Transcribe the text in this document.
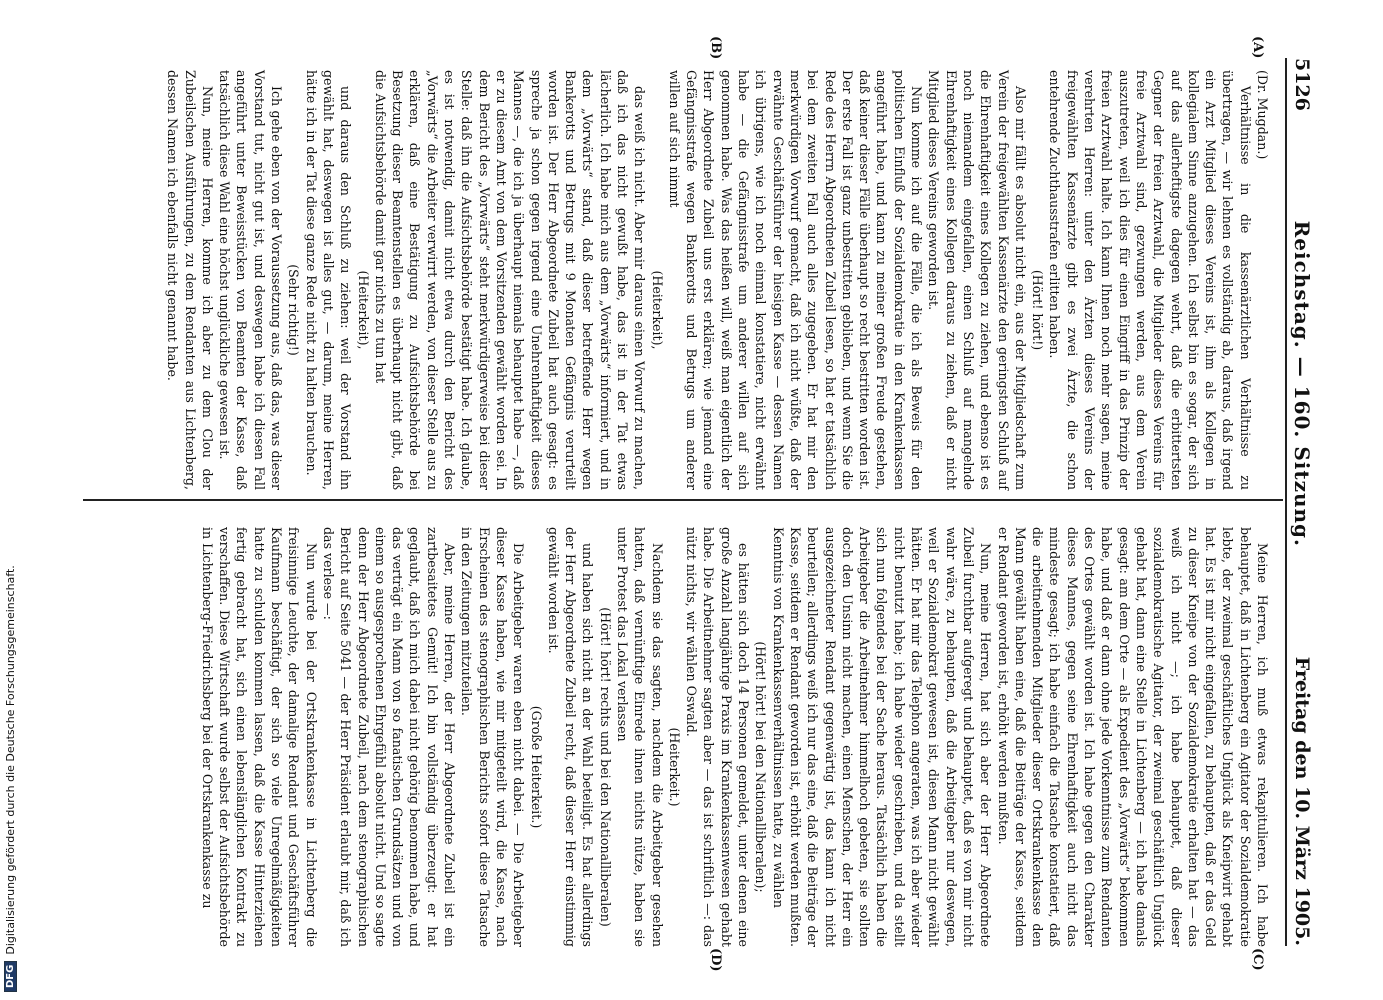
5126
Reichstag. — 160. Sitzung.
Freitag den 10. März 1905.
(A)
(B)
(C)
(D)

(Dr. Mugdan.)

Verhältnisse in die kassenärztlichen Verhältnisse zu übertragen, — wir lehnen es vollständig ab, daraus, daß irgend ein Arzt Mitglied dieses Vereins ist, ihm als Kollegen in kollegialem Sinne anzugehen. Ich selbst bin es sogar, der sich auf das allerheftigste dagegen wehrt, daß die erbittertsten Gegner der freien Arztwahl, die Mitglieder dieses Vereins für freie Arztwahl sind, gezwungen werden, aus dem Verein auszutreten, weil ich dies für einen Eingriff in das Prinzip der freien Arztwahl halte. Ich kann Ihnen noch mehr sagen, meine verehrten Herren: unter den Ärzten dieses Vereins der freigewählten Kassenärzte gibt es zwei Ärzte, die schon entehrende Zuchthausstrafen erlitten haben.

(Hört! hört!)

Also mir fällt es absolut nicht ein, aus der Mitgliedschaft zum Verein der freigewählten Kassenärzte den geringsten Schluß auf die Ehrenhaftigkeit eines Kollegen zu ziehen, und ebenso ist es noch niemandem eingefallen, einen Schluß auf mangelnde Ehrenhaftigkeit eines Kollegen daraus zu ziehen, daß er nicht Mitglied dieses Vereins geworden ist.

Nun komme ich auf die Fälle, die ich als Beweis für den politischen Einfluß der Sozialdemokratie in den Krankenkassen angeführt habe, und kann zu meiner großen Freude gestehen, daß keiner dieser Fälle überhaupt so recht bestritten worden ist. Der erste Fall ist ganz unbestritten geblieben, und wenn Sie die Rede des Herrn Abgeordneten Zubeil lesen, so hat er tatsächlich bei dem zweiten Fall auch alles zugegeben. Er hat mir den merkwürdigen Vorwurf gemacht, daß ich nicht wüßte, daß der erwähnte Geschäftsführer der hiesigen Kasse — dessen Namen ich übrigens, wie ich noch einmal konstatiere, nicht erwähnt habe — die Gefängnisstrafe um anderer willen auf sich genommen habe. Was das heißen will, weiß man eigentlich der Herr Abgeordnete Zubeil uns erst erklären; wie jemand eine Gefängnisstrafe wegen Bankerotts und Betrugs um anderer willen auf sich nimmt

(Heiterkeit),

das weiß ich nicht. Aber mir daraus einen Vorwurf zu machen, daß ich das nicht gewußt habe, das ist in der Tat etwas lächerlich. Ich habe mich aus dem „Vorwärts“ informiert, und in dem „Vorwärts“ stand, daß dieser betreffende Herr wegen Bankerotts und Betrugs mit 9 Monaten Gefängnis verurteilt worden ist. Der Herr Abgeordnete Zubeil hat auch gesagt: es spreche ja schon gegen irgend eine Unehrenhaftigkeit dieses Mannes —, die ich ja überhaupt niemals behauptet habe —, daß er zu diesem Amt von dem Vorsitzenden gewählt worden sei. In dem Bericht des „Vorwärts“ steht merkwürdigerweise bei dieser Stelle: daß ihn die Aufsichtsbehörde bestätigt habe. Ich glaube, es ist notwendig, damit nicht etwa durch den Bericht des „Vorwärts“ die Arbeiter verwirrt werden, von dieser Stelle aus zu erklären, daß eine Bestätigung zu Aufsichtsbehörde bei Besetzung dieser Beamtenstellen es überhaupt nicht gibt, daß die Aufsichtsbehörde damit gar nichts zu tun hat

(Heiterkeit),

und daraus den Schluß zu ziehen: weil der Vorstand ihn gewählt hat, deswegen ist alles gut, — darum, meine Herren, hätte ich in der Tat diese ganze Rede nicht zu halten brauchen.

(Sehr richtig!)

Ich gehe eben von der Voraussetzung aus, daß das, was dieser Vorstand tut, nicht gut ist, und deswegen habe ich diesen Fall angeführt unter Beweisstücken von Beamten der Kasse, daß tatsächlich diese Wahl eine höchst unglückliche gewesen ist.

Nun, meine Herren, komme ich aber zu dem Clou der Zubeilschen Ausführungen, zu dem Rendanten aus Lichtenberg, dessen Namen ich ebenfalls nicht genannt habe.

Meine Herren, ich muß etwas rekapitulieren. Ich habe behauptet, daß in Lichtenberg ein Agitator der Sozialdemokratie lebte, der zweimal geschäftliches Unglück als Kneipwirt gehabt hat. Es ist mir nicht eingefallen, zu behaupten, daß er das Geld zu dieser Kneipe von der Sozialdemokratie erhalten hat — das weiß ich nicht —; ich habe behauptet, daß dieser sozialdemokratische Agitator, der zweimal geschäftlich Unglück gehabt hat, dann eine Stelle in Lichtenberg — ich habe damals gesagt: am dem Orte — als Expedient des „Vorwärts“ bekommen habe, und daß er dann ohne jede Vorkenntnisse zum Rendanten des Ortes gewählt worden ist. Ich habe gegen den Charakter dieses Mannes, gegen seine Ehrenhaftigkeit auch nicht das mindeste gesagt; ich habe einfach die Tatsache konstatiert, daß die arbeitnehmenden Mitglieder dieser Ortskrankenkasse den Mann gewählt haben eine, daß die Beiträge der Kasse, seitdem er Rendant geworden ist, erhöht werden mußten.

Nun, meine Herren, hat sich aber der Herr Abgeordnete Zubeil furchtbar aufgeregt und behauptet, daß es von mir nicht wahr wäre, zu behaupten, daß die Arbeitgeber nur deswegen, weil er Sozialdemokrat gewesen ist, diesen Mann nicht gewählt hätten. Er hat mir das Telephon angeraten, was ich aber wieder nicht benutzt habe; ich habe wieder geschrieben, und da stellt sich nun folgendes bei der Sache heraus. Tatsächlich haben die Arbeitgeber die Arbeitnehmer himmelhoch gebeten, sie sollten doch den Unsinn nicht machen, einen Menschen, der Herr ein ausgezeichneter Rendant gegenwärtig ist, das kann ich nicht beurteilen; allerdings weiß ich nur das eine, daß die Beiträge der Kasse, seitdem er Rendant geworden ist, erhöht werden mußten. Kenntnis von Krankenkassenverhältnissen hatte, zu wählen

(Hört! hört! bei den Nationalliberalen);

es hätten sich doch 14 Personen gemeldet, unter denen eine große Anzahl langjährige Praxis im Krankenkassenwesen gehabt habe. Die Arbeitnehmer sagten aber — das ist schriftlich —: das nützt nichts, wir wählen Oswald.

(Heiterkeit.)

Nachdem sie das sagten, nachdem die Arbeitgeber gesehen hatten, daß vernünftige Einrede ihnen nichts nütze, haben sie unter Protest das Lokal verlassen

(Hört! hört! rechts und bei den Nationalliberalen)

und haben sich nicht an der Wahl beteiligt. Es hat allerdings der Herr Abgeordnete Zubeil recht, daß dieser Herr einstimmig gewählt worden ist.

(Große Heiterkeit.)

Die Arbeitgeber waren eben nicht dabei. — Die Arbeitgeber dieser Kasse haben, wie mir mitgeteilt wird, die Kasse, nach Erscheinen des stenographischen Berichts sofort diese Tatsache in den Zeitungen mitzuteilen.

Aber, meine Herren, der Herr Abgeordnete Zubeil ist ein zartbesaitetes Gemüt! Ich bin vollständig überzeugt: er hat geglaubt, daß ich mich dabei nicht gehörig benommen habe, und das verträgt ein Mann von so fanatischen Grundsätzen und von einem so ausgesprochenen Ehrgefühl absolut nicht. Und so sagte denn der Herr Abgeordnete Zubeil, nach dem stenographischen Bericht auf Seite 5041 — der Herr Präsident erlaubt mir, daß ich das verlese —:

Nun wurde bei der Ortskrankenkasse in Lichtenberg die freisinnige Leuchte, der damalige Rendant und Geschäftsführer Kaufmann beschäftigt, der sich so viele Unregelmäßigkeiten hatte zu schulden kommen lassen, daß die Kasse Hinterziehen fertig gebracht hat, sich einen lebenslänglichen Kontrakt zu verschaffen. Diese Wirtschaft wurde selbst der Aufsichtsbehörde in Lichtenberg-Friedrichsberg bei der Ortskrankenkasse zu

DFG
Digitalisierung gefördert durch die Deutsche Forschungsgemeinschaft.
